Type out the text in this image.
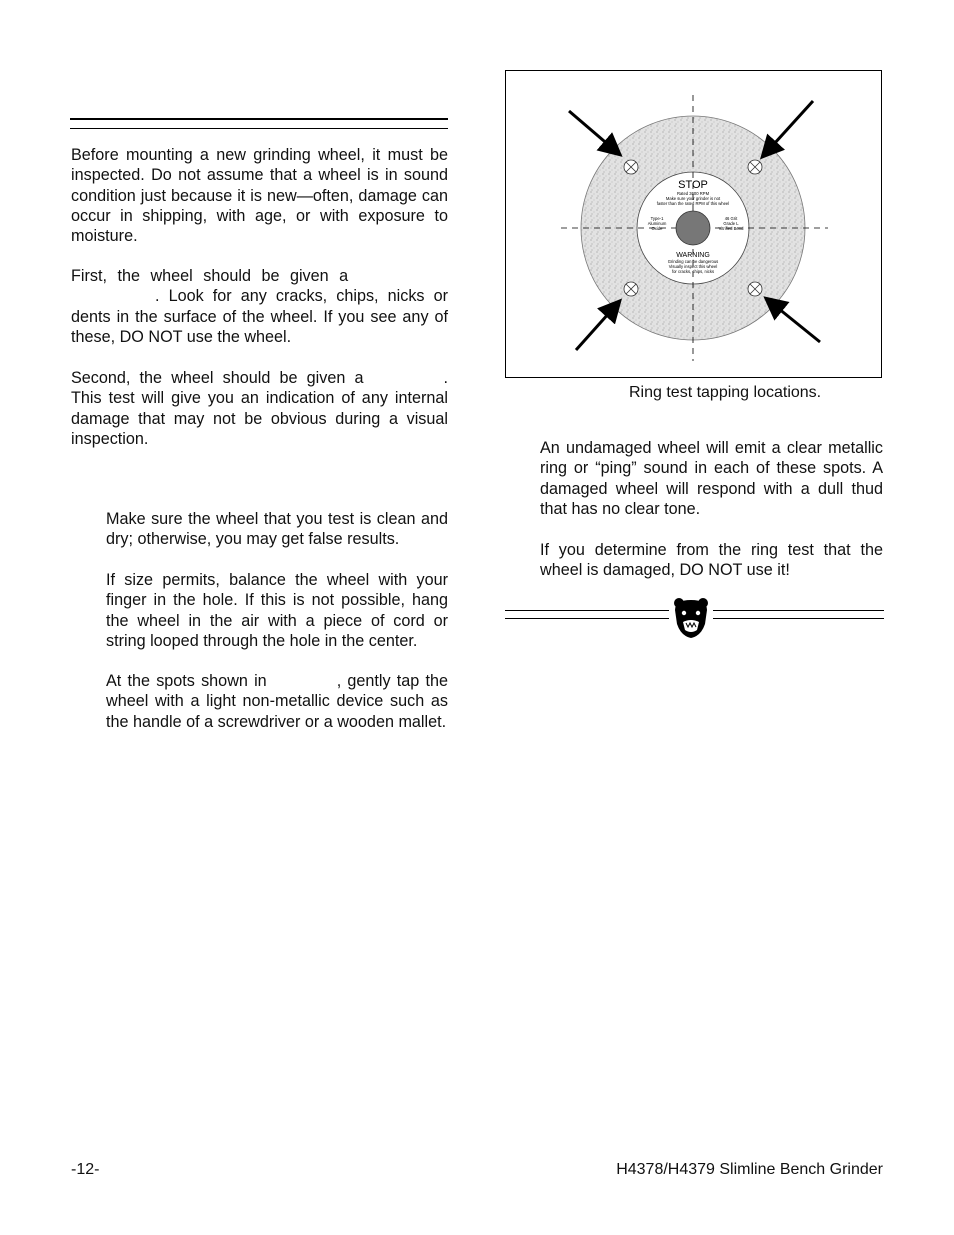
Before mounting a new grinding wheel, it must be inspected. Do not assume that a wheel is in sound condition just because it is new—often, damage can occur in shipping, with age, or with exposure to moisture.

First, the wheel should be given a
. Look for any cracks, chips, nicks or dents in the surface of the wheel. If you see any of these, DO NOT use the wheel.

Second, the wheel should be given a	. This test will give you an indication of any internal damage that may not be obvious during a visual inspection.

Make sure the wheel that you test is clean and dry; otherwise, you may get false results.

If size permits, balance the wheel with your finger in the hole. If this is not possible, hang the wheel in the air with a piece of cord or string looped through the hole in the center.

At the spots shown in	, gently tap the wheel with a light non-metallic device such as the handle of a screwdriver or a wooden mallet.

STOP
Rated 3600 RPM
Make sure your grinder is not
faster than the rated RPM of this wheel
Type-1
Aluminum
Oxide
46 Grit
Grade L
Vitrified Bond
WARNING
Grinding can be dangerous
Visually inspect this wheel
for cracks, chips, nicks
Ring test tapping locations.

An undamaged wheel will emit a clear metallic ring or “ping” sound in each of these spots. A damaged wheel will respond with a dull thud that has no clear tone.

If you determine from the ring test that the wheel is damaged, DO NOT use it!

-12-	H4378/H4379 Slimline Bench Grinder
